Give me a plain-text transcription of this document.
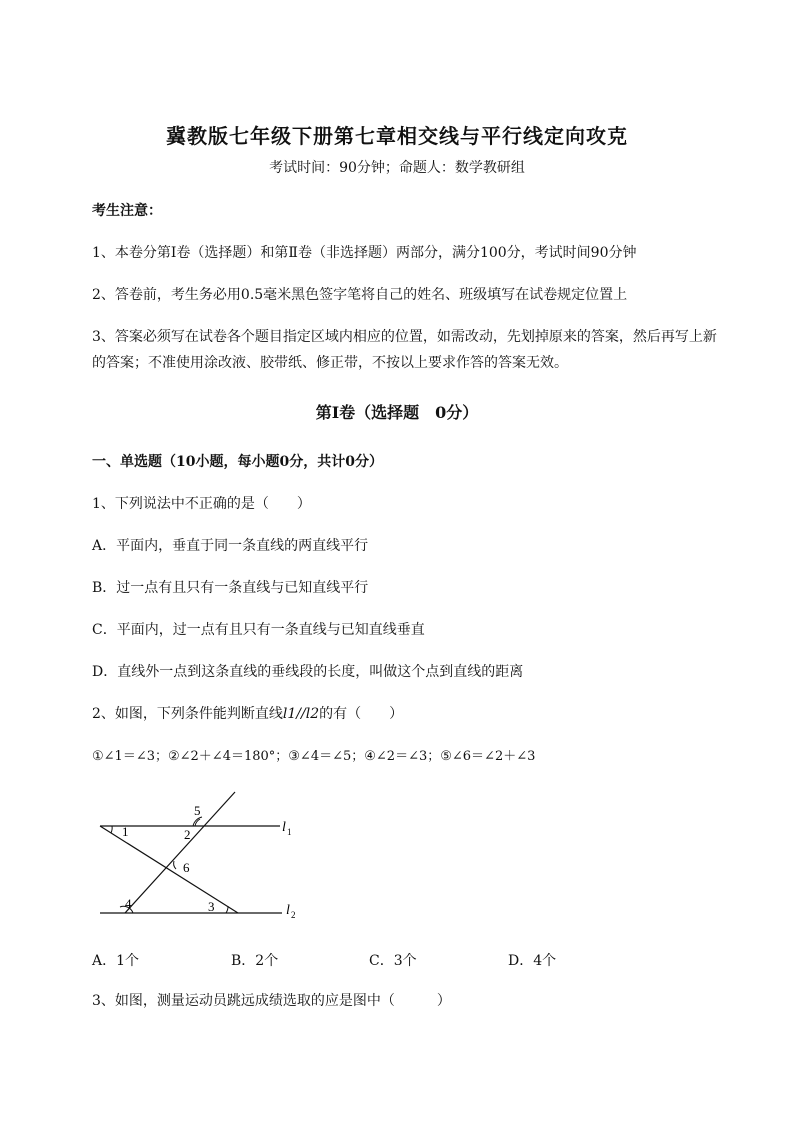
冀教版七年级下册第七章相交线与平行线定向攻克
考试时间：90分钟；命题人：数学教研组
考生注意：
1、本卷分第I卷（选择题）和第Ⅱ卷（非选择题）两部分，满分100分，考试时间90分钟
2、答卷前，考生务必用0.5毫米黑色签字笔将自己的姓名、班级填写在试卷规定位置上
3、答案必须写在试卷各个题目指定区域内相应的位置，如需改动，先划掉原来的答案，然后再写上新
的答案；不准使用涂改液、胶带纸、修正带，不按以上要求作答的答案无效。
第I卷（选择题　0分）
一、单选题（10小题，每小题0分，共计0分）
1、下列说法中不正确的是（　　）
A．平面内，垂直于同一条直线的两直线平行
B．过一点有且只有一条直线与已知直线平行
C．平面内，过一点有且只有一条直线与已知直线垂直
D．直线外一点到这条直线的垂线段的长度，叫做这个点到直线的距离
2、如图，下列条件能判断直线l1//l2的有（　　）
①∠1＝∠3；②∠2＋∠4＝180°；③∠4＝∠5；④∠2＝∠3；⑤∠6＝∠2＋∠3
1	2
3
4
5
6
l 1
l 2
A．1个	B．2个	C．3个	D．4个
3、如图，测量运动员跳远成绩选取的应是图中（　　　）
